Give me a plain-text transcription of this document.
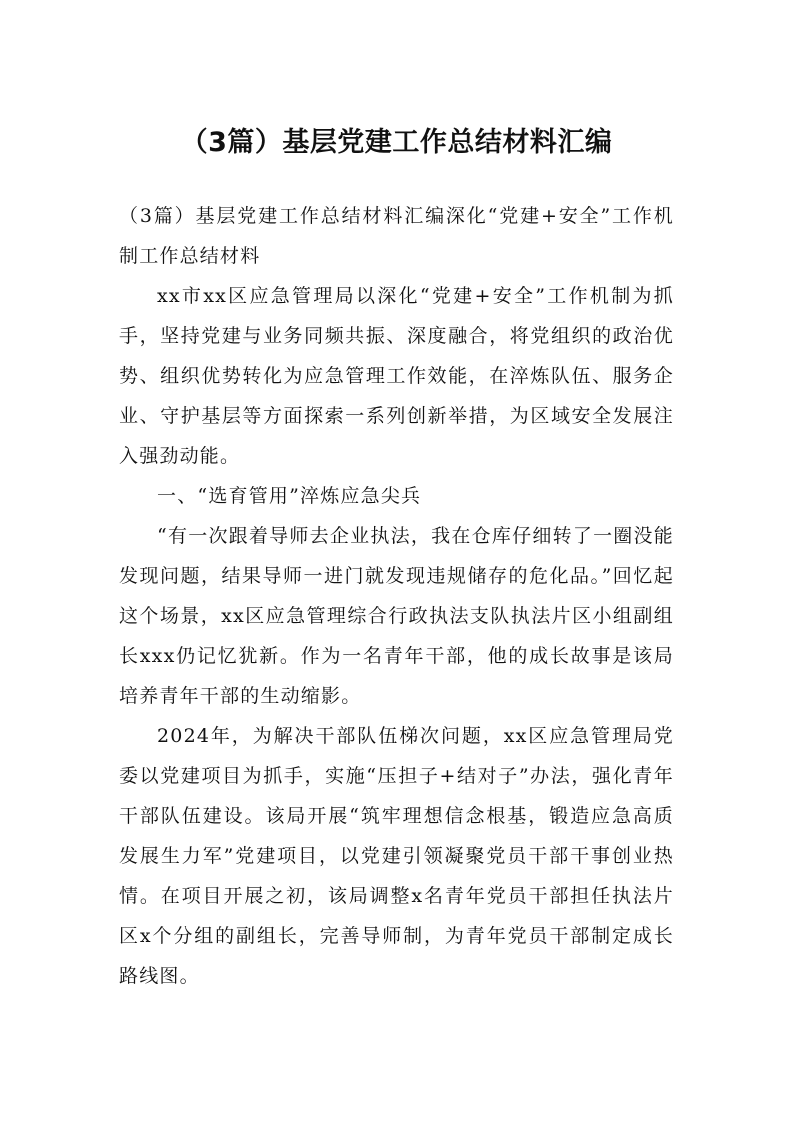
（3篇）基层党建工作总结材料汇编

（3篇）基层党建工作总结材料汇编深化“党建+安全”工作机制工作总结材料

xx市xx区应急管理局以深化“党建+安全”工作机制为抓手，坚持党建与业务同频共振、深度融合，将党组织的政治优势、组织优势转化为应急管理工作效能，在淬炼队伍、服务企业、守护基层等方面探索一系列创新举措，为区域安全发展注入强劲动能。

一、“选育管用”淬炼应急尖兵

“有一次跟着导师去企业执法，我在仓库仔细转了一圈没能发现问题，结果导师一进门就发现违规储存的危化品。”回忆起这个场景，xx区应急管理综合行政执法支队执法片区小组副组长xxx仍记忆犹新。作为一名青年干部，他的成长故事是该局培养青年干部的生动缩影。

2024年，为解决干部队伍梯次问题，xx区应急管理局党委以党建项目为抓手，实施“压担子+结对子”办法，强化青年干部队伍建设。该局开展“筑牢理想信念根基，锻造应急高质发展生力军”党建项目，以党建引领凝聚党员干部干事创业热情。在项目开展之初，该局调整x名青年党员干部担任执法片区x个分组的副组长，完善导师制，为青年党员干部制定成长路线图。
